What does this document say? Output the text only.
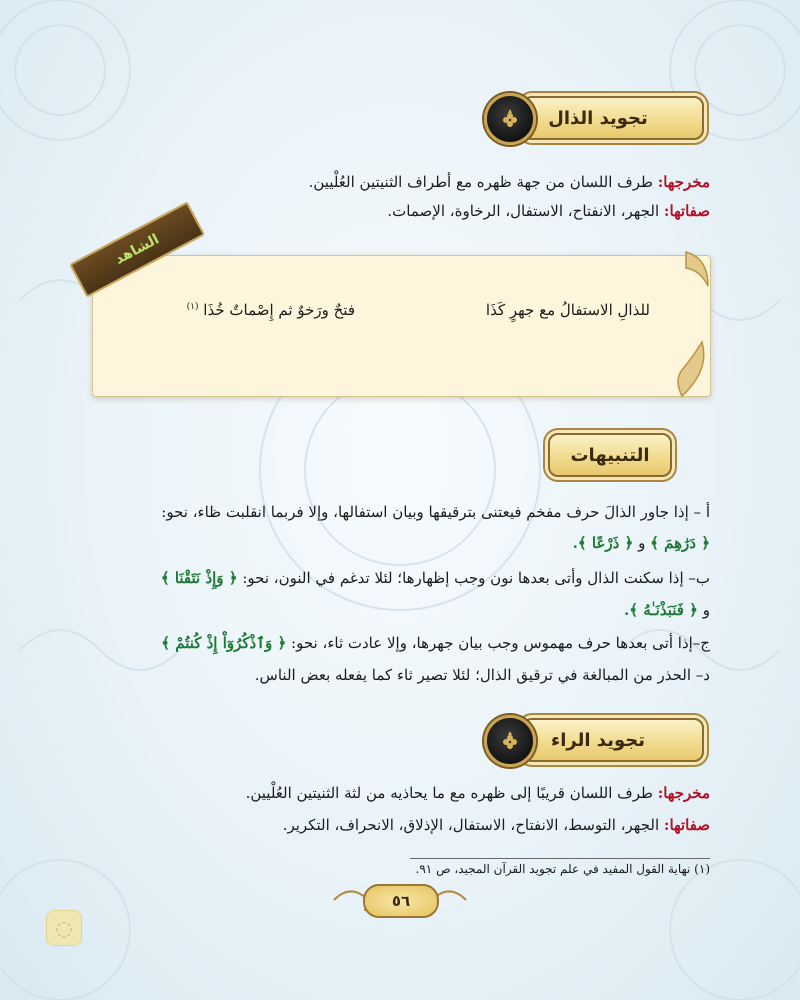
تجويد الذال
مخرجها: طرف اللسان من جهة ظهره مع أطراف الثنيتين العُلْيين.
صفاتها: الجهر، الانفتاح، الاستفال، الرخاوة، الإصمات.
الشاهد
للذالِ الاستفالُ مع جهرٍ كَذَا
فتحٌ ورَخوٌ ثم إِصْماتٌ خُذَا $^{(١)}$
التنبيهات
أ – إذا جاور الذالَ حرف مفخم فيعتنى بترقيقها وبيان استفالها، وإلا فربما انقلبت ظاء، نحو:
﴿ دَرَٰهِمَ ﴾ و ﴿ ذَرْعًا ﴾.
ب– إذا سكنت الذال وأتى بعدها نون وجب إظهارها؛ لئلا تدغم في النون، نحو: ﴿ وَإِذْ نَتَقْنَا ﴾
و ﴿ فَنَبَذْنَـٰهُ ﴾.
ج–إذا أتى بعدها حرف مهموس وجب بيان جهرها، وإلا عادت ثاء، نحو: ﴿ وَٱذْكُرُوٓاْ إِذْ كُنتُمْ ﴾
د– الحذر من المبالغة في ترقيق الذال؛ لئلا تصير ثاء كما يفعله بعض الناس.
تجويد الراء
مخرجها: طرف اللسان قريبًا إلى ظهره مع ما يحاذيه من لثة الثنيتين العُلْيين.
صفاتها: الجهر، التوسط، الانفتاح، الاستفال، الإذلاق، الانحراف، التكرير.
(١) نهاية القول المفيد في علم تجويد القرآن المجيد، ص ٩١.
٥٦
◌
